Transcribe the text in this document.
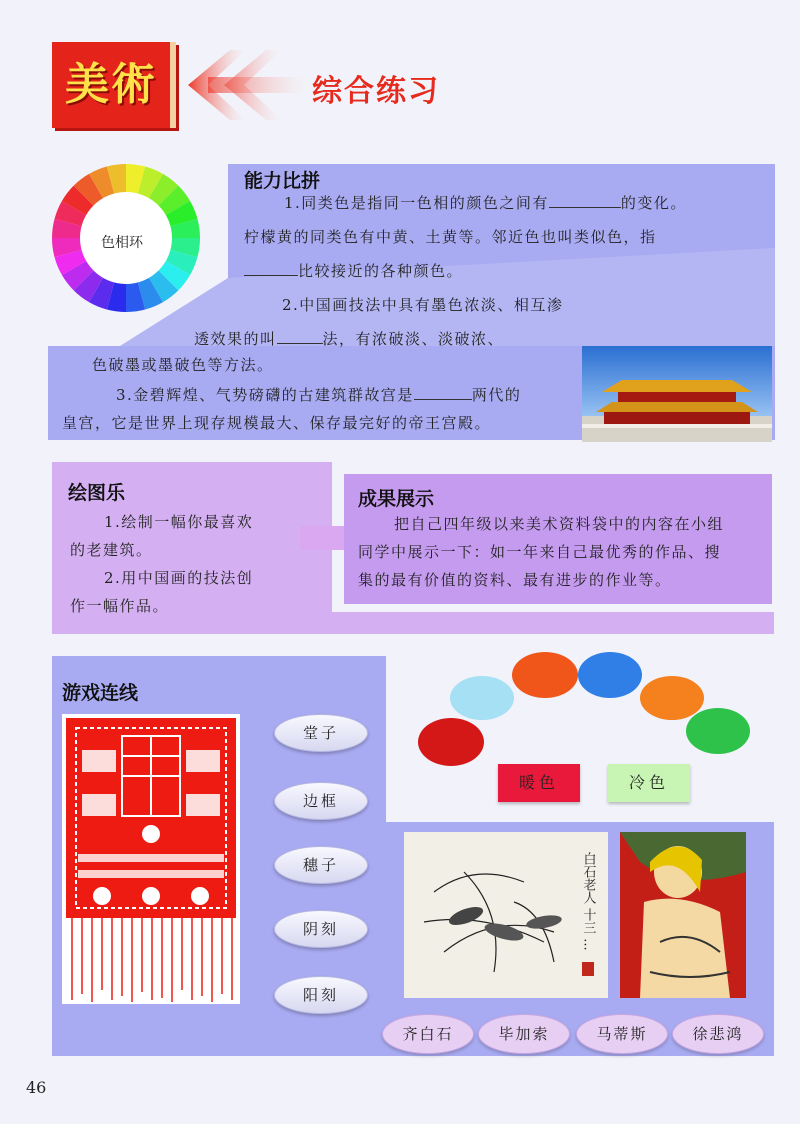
美術	综合练习
色相环
能力比拼
1.同类色是指同一色相的颜色之间有	的变化。
柠檬黄的同类色有中黄、土黄等。邻近色也叫类似色，指
比较接近的各种颜色。
2.中国画技法中具有墨色浓淡、相互渗
透效果的叫	法，有浓破淡、淡破浓、
色破墨或墨破色等方法。
3.金碧辉煌、气势磅礴的古建筑群故宫是	两代的
皇宫，它是世界上现存规模最大、保存最完好的帝王宫殿。
绘图乐
1.绘制一幅你最喜欢
的老建筑。
2.用中国画的技法创
作一幅作品。
成果展示
把自己四年级以来美术资料袋中的内容在小组
同学中展示一下：如一年来自己最优秀的作品、搜
集的最有价值的资料、最有进步的作业等。
游戏连线
堂子
边框
穗子
阴刻
阳刻
暖色	冷色
白石老人 十三 ...
齐白石	毕加索	马蒂斯	徐悲鸿
46
